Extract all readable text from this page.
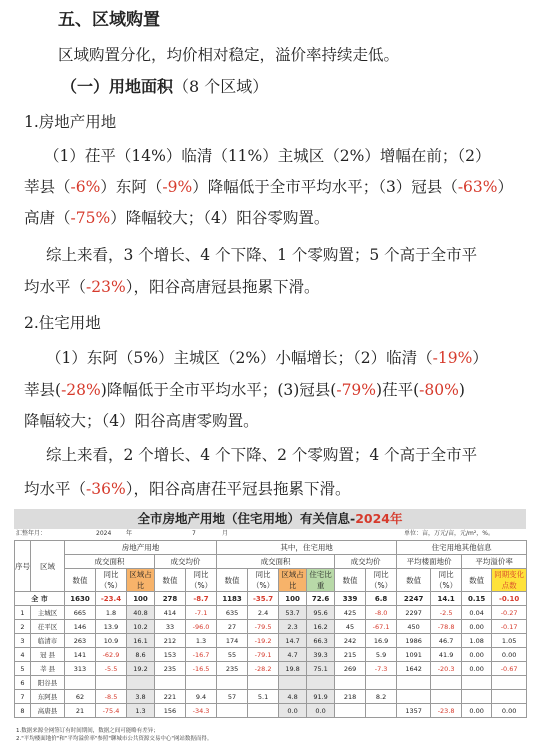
五、区域购置
区域购置分化，均价相对稳定，溢价率持续走低。
（一）用地面积（8 个区域）
1.房地产用地
（1）茌平（14%）临清（11%）主城区（2%）增幅在前；（2）
莘县（-6%）东阿（-9%）降幅低于全市平均水平；（3）冠县（-63%）
高唐（-75%）降幅较大；（4）阳谷零购置。
综上来看，3 个增长、4 个下降、1 个零购置；5 个高于全市平
均水平（-23%），阳谷高唐冠县拖累下滑。
2.住宅用地
（1）东阿（5%）主城区（2%）小幅增长；（2）临清（-19%）
莘县(-28%)降幅低于全市平均水平；(3)冠县(-79%)茌平(-80%)
降幅较大；（4）阳谷高唐零购置。
综上来看，2 个增长、4 个下降、2 个零购置；4 个高于全市平
均水平（-36%），阳谷高唐茌平冠县拖累下滑。
全市房地产用地（住宅用地）有关信息-2024年
汇整年月：	2024 年	7	月	单位：亩，万元/亩，元/m²，%。
序号	区域	房地产用地					其中，住宅用地						住宅用地其他信息			
		成交面积			成交均价		成交面积				成交均价		平均楼面地价		平均溢价率	
		数值	同比（%）	区域占比	数值	同比（%）	数值	同比（%）	区域占比	住宅比重	数值	同比（%）	数值	同比（%）	数值	同期变化点数
全 市		1630	-23.4	100	278	-8.7	1183	-35.7	100	72.6	339	6.8	2247	14.1	0.15	-0.10
1	主城区	665	1.8	40.8	414	-7.1	635	2.4	53.7	95.6	425	-8.0	2297	-2.5	0.04	-0.27
2	茌平区	146	13.9	10.2	33	-96.0	27	-79.5	2.3	16.2	45	-67.1	450	-78.8	0.00	-0.17
3	临清市	263	10.9	16.1	212	1.3	174	-19.2	14.7	66.3	242	16.9	1986	46.7	1.08	1.05
4	冠 县	141	-62.9	8.6	153	-16.7	55	-79.1	4.7	39.3	215	5.9	1091	41.9	0.00	0.00
5	莘 县	313	-5.5	19.2	235	-16.5	235	-28.2	19.8	75.1	269	-7.3	1642	-20.3	0.00	-0.67
6	阳谷县															
7	东阿县	62	-8.5	3.8	221	9.4	57	5.1	4.8	91.9	218	8.2				
8	高唐县	21	-75.4	1.3	156	-34.3			0.0	0.0			1357	-23.8	0.00	0.00
1.数据来源全网签订有时间期间，数据之间可能略有差异；
2."平均楼面地价"和"平均溢价率"参照"聊城市公共资源交易中心"网站数据而得。
